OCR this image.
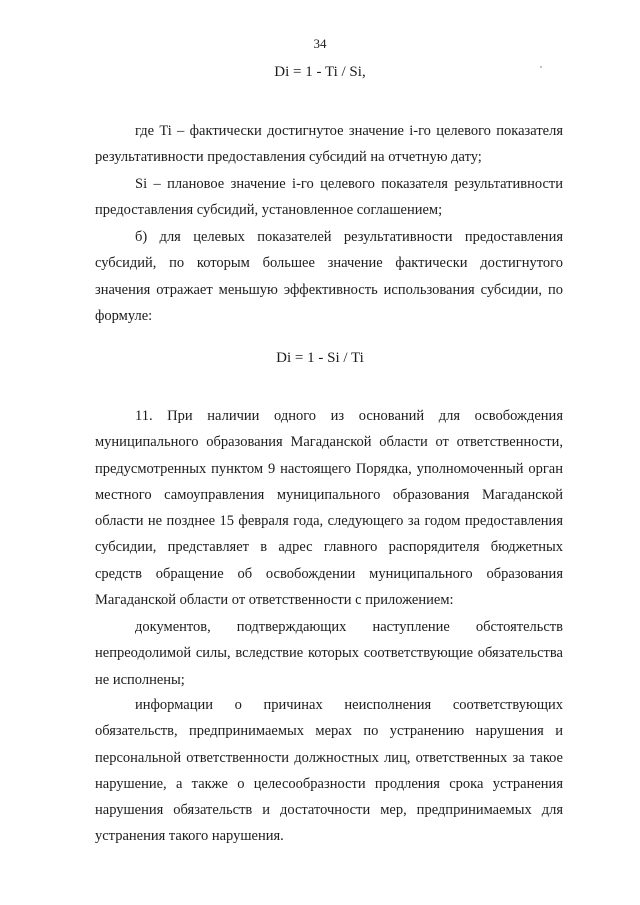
34
Di = 1 - Ti / Si,
где Ti – фактически достигнутое значение i-го целевого показателя результативности предоставления субсидий на отчетную дату;
Si – плановое значение i-го целевого показателя результативности предоставления субсидий, установленное соглашением;
б) для целевых показателей результативности предоставления субсидий, по которым большее значение фактически достигнутого значения отражает меньшую эффективность использования субсидии, по формуле:
Di = 1 - Si / Ti
11. При наличии одного из оснований для освобождения муниципального образования Магаданской области от ответственности, предусмотренных пунктом 9 настоящего Порядка, уполномоченный орган местного самоуправления муниципального образования Магаданской области не позднее 15 февраля года, следующего за годом предоставления субсидии, представляет в адрес главного распорядителя бюджетных средств обращение об освобождении муниципального образования Магаданской области от ответственности с приложением:
документов, подтверждающих наступление обстоятельств непреодолимой силы, вследствие которых соответствующие обязательства не исполнены;
информации о причинах неисполнения соответствующих обязательств, предпринимаемых мерах по устранению нарушения и персональной ответственности должностных лиц, ответственных за такое нарушение, а также о целесообразности продления срока устранения нарушения обязательств и достаточности мер, предпринимаемых для устранения такого нарушения.
